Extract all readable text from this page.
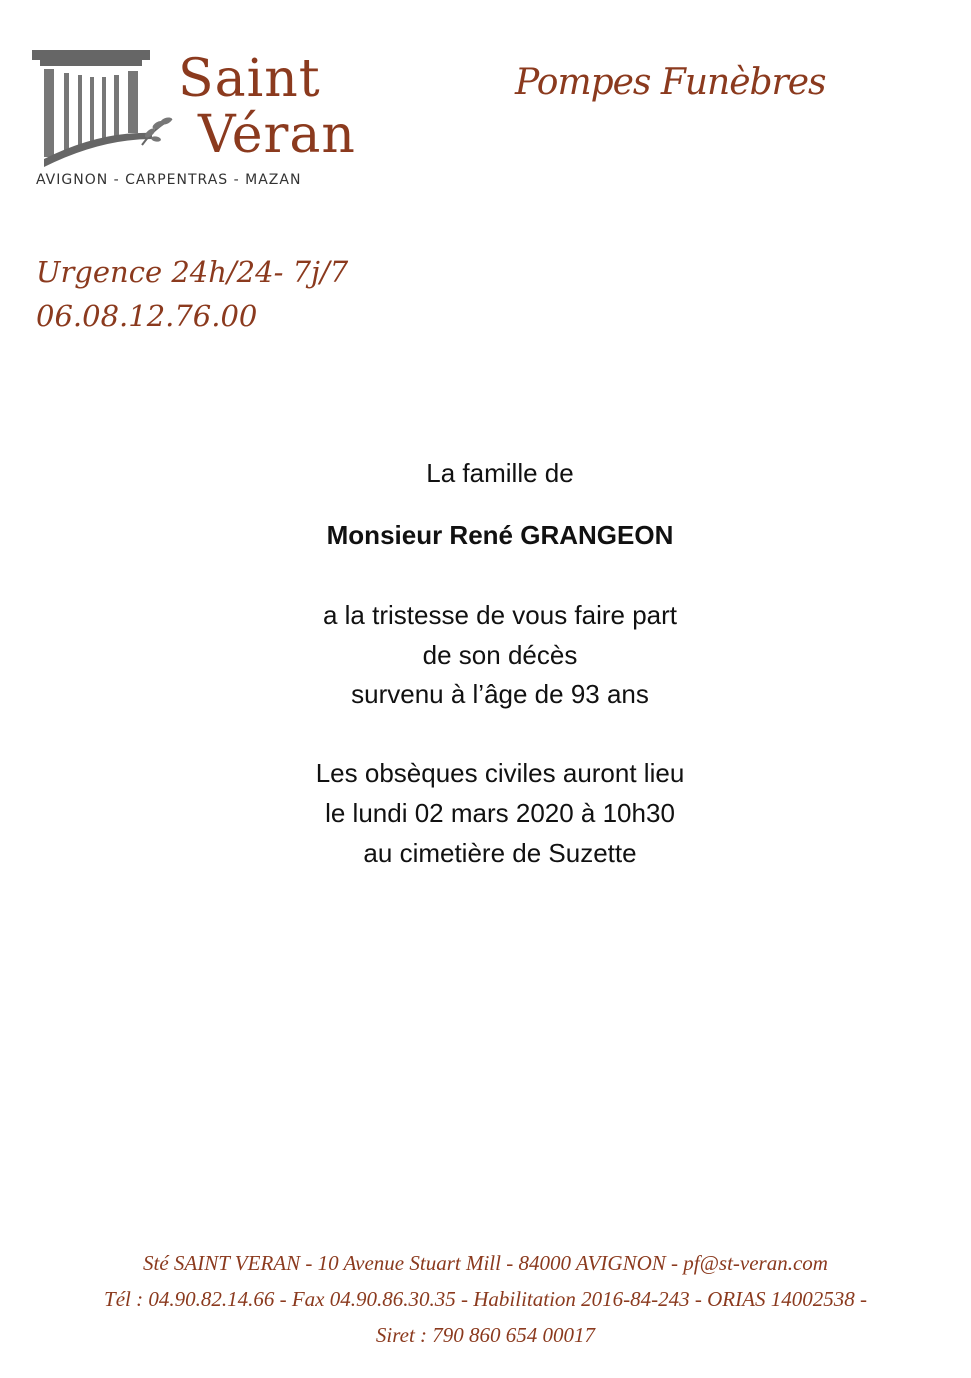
Saint
Véran
AVIGNON - CARPENTRAS - MAZAN
Pompes Funèbres
Urgence 24h/24- 7j/7
06.08.12.76.00
La famille de
Monsieur René GRANGEON
a la tristesse de vous faire part
de son décès
survenu à l’âge de 93 ans
Les obsèques civiles auront lieu
le lundi 02 mars 2020 à 10h30
au cimetière de Suzette
Sté SAINT VERAN - 10 Avenue Stuart Mill - 84000 AVIGNON - pf@st-veran.com
Tél : 04.90.82.14.66 - Fax 04.90.86.30.35 - Habilitation 2016-84-243 - ORIAS 14002538 -
Siret : 790 860 654 00017
